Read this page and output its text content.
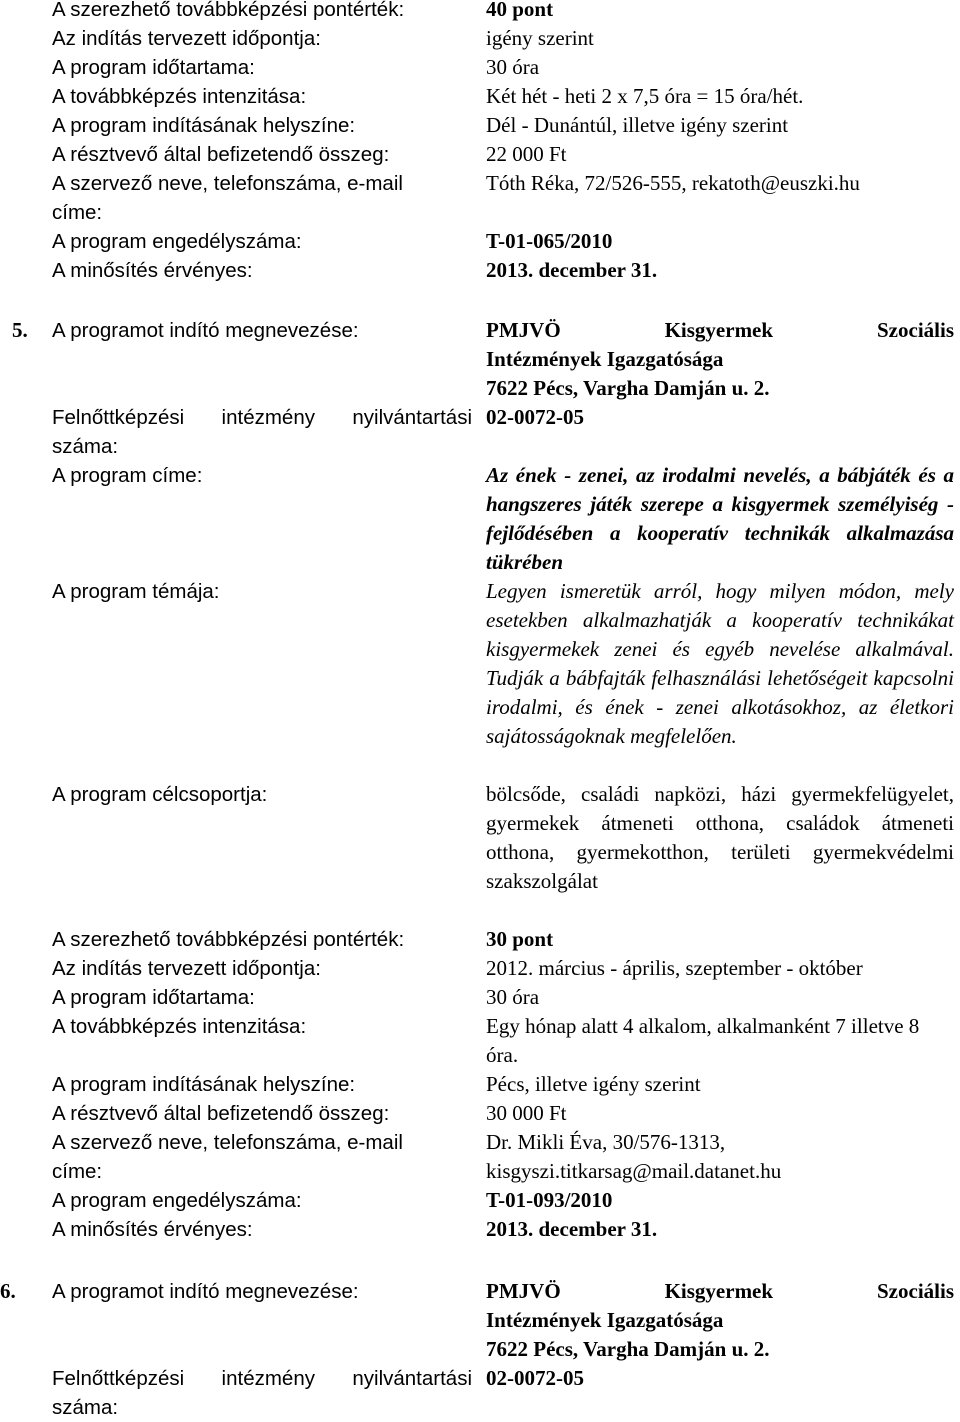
A szerezhető továbbképzési pontérték:	40 pont
Az indítás tervezett időpontja:	igény szerint
A program időtartama:	30 óra
A továbbképzés intenzitása:	Két hét - heti 2 x 7,5 óra = 15 óra/hét.
A program indításának helyszíne:	Dél - Dunántúl, illetve igény szerint
A résztvevő által befizetendő összeg:	22 000 Ft
A szervező neve, telefonszáma, e-mail	Tóth Réka, 72/526-555, rekatoth@euszki.hu
címe:
A program engedélyszáma:	T-01-065/2010
A minősítés érvényes:	2013. december 31.
5. A programot indító megnevezése:	PMJVÖ Kisgyermek Szociális
Intézmények Igazgatósága
7622 Pécs, Vargha Damján u. 2.
Felnőttképzési intézmény nyilvántartási 02-0072-05
száma:
A program címe:	Az ének - zenei, az irodalmi nevelés, a bábjáték és a hangszeres játék szerepe a kisgyermek személyiség - fejlődésében a kooperatív technikák alkalmazása tükrében
A program témája:	Legyen ismeretük arról, hogy milyen módon, mely esetekben alkalmazhatják a kooperatív technikákat kisgyermekek zenei és egyéb nevelése alkalmával. Tudják a bábfajták felhasználási lehetőségeit kapcsolni irodalmi, és ének - zenei alkotásokhoz, az életkori sajátosságoknak megfelelően.
A program célcsoportja:	bölcsőde, családi napközi, házi gyermekfelügyelet, gyermekek átmeneti otthona, családok átmeneti otthona, gyermekotthon, területi gyermekvédelmi szakszolgálat
A szerezhető továbbképzési pontérték:	30 pont
Az indítás tervezett időpontja:	2012. március - április, szeptember - október
A program időtartama:	30 óra
A továbbképzés intenzitása:	Egy hónap alatt 4 alkalom, alkalmanként 7 illetve 8 óra.
A program indításának helyszíne:	Pécs, illetve igény szerint
A résztvevő által befizetendő összeg:	30 000 Ft
A szervező neve, telefonszáma, e-mail	Dr. Mikli Éva, 30/576-1313,
címe:	kisgyszi.titkarsag@mail.datanet.hu
A program engedélyszáma:	T-01-093/2010
A minősítés érvényes:	2013. december 31.
6. A programot indító megnevezése:	PMJVÖ Kisgyermek Szociális
Intézmények Igazgatósága
7622 Pécs, Vargha Damján u. 2.
Felnőttképzési intézmény nyilvántartási 02-0072-05
száma:
